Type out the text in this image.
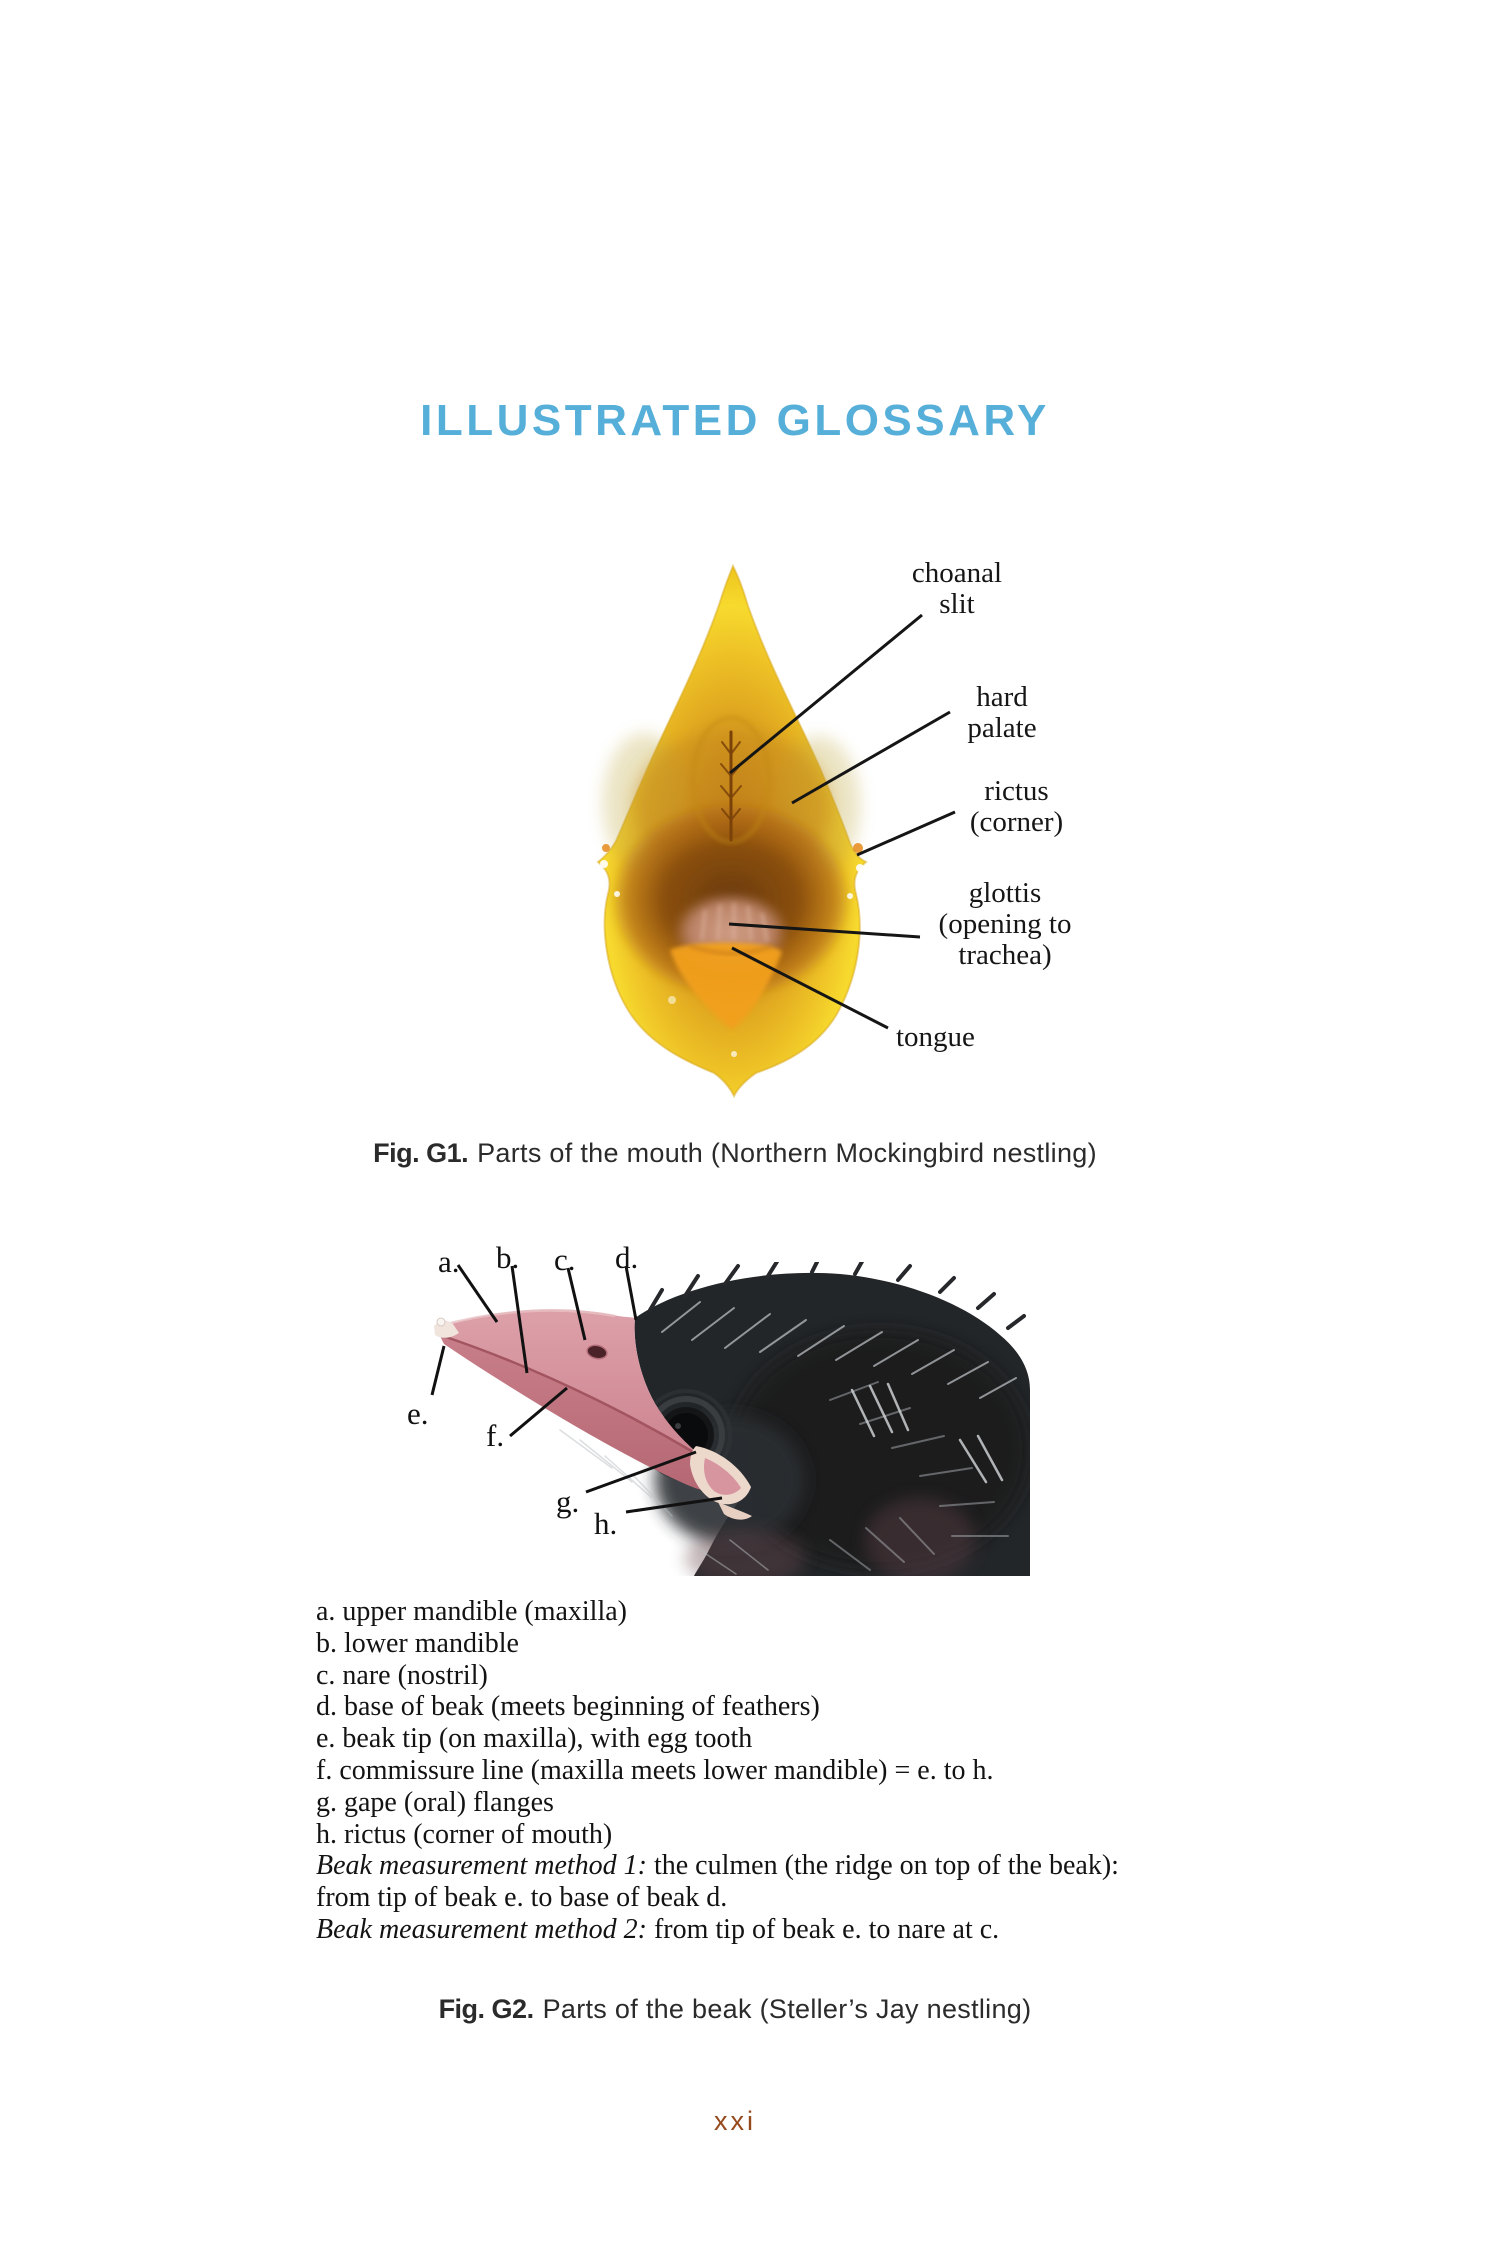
ILLUSTRATED GLOSSARY
choanal
slit
hard
palate
rictus
(corner)
glottis
(opening to
trachea)
tongue
Fig. G1. Parts of the mouth (Northern Mockingbird nestling)
a. b. c. d.
e.
f.
g.
h.
a. upper mandible (maxilla)
b. lower mandible
c. nare (nostril)
d. base of beak (meets beginning of feathers)
e. beak tip (on maxilla), with egg tooth
f. commissure line (maxilla meets lower mandible) = e. to h.
g. gape (oral) flanges
h. rictus (corner of mouth)
Beak measurement method 1: the culmen (the ridge on top of the beak): from tip of beak e. to base of beak d.
Beak measurement method 2: from tip of beak e. to nare at c.
Fig. G2. Parts of the beak (Steller’s Jay nestling)
xxi
